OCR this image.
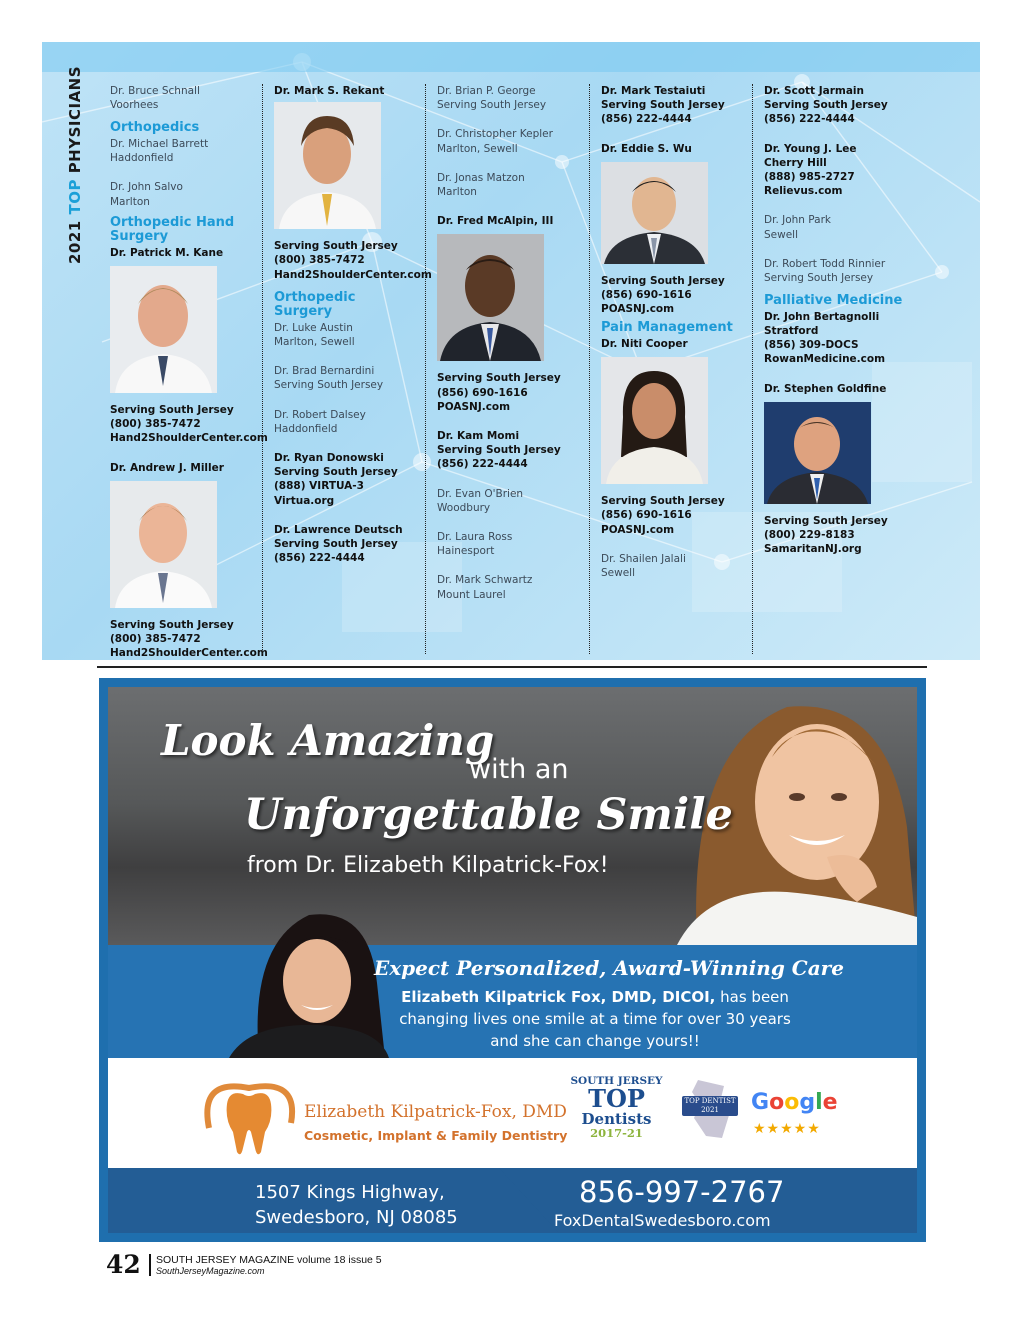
2021 TOP PHYSICIANS Dr. Bruce Schnall
Voorhees
Orthopedics
Dr. Michael Barrett
Haddonfield
Dr. John Salvo
Marlton
Orthopedic Hand Surgery
Dr. Patrick M. Kane
Serving South Jersey
(800) 385-7472
Hand2ShoulderCenter.com
Dr. Andrew J. Miller
Serving South Jersey
(800) 385-7472
Hand2ShoulderCenter.com
Dr. Mark S. Rekant
Serving South Jersey
(800) 385-7472
Hand2ShoulderCenter.com
Orthopedic Surgery
Dr. Luke Austin
Marlton, Sewell
Dr. Brad Bernardini
Serving South Jersey
Dr. Robert Dalsey
Haddonfield
Dr. Ryan Donowski
Serving South Jersey
(888) VIRTUA-3
Virtua.org
Dr. Lawrence Deutsch
Serving South Jersey
(856) 222-4444
Dr. Brian P. George
Serving South Jersey
Dr. Christopher Kepler
Marlton, Sewell
Dr. Jonas Matzon
Marlton
Dr. Fred McAlpin, III
Serving South Jersey
(856) 690-1616
POASNJ.com
Dr. Kam Momi
Serving South Jersey
(856) 222-4444
Dr. Evan O'Brien
Woodbury
Dr. Laura Ross
Hainesport
Dr. Mark Schwartz
Mount Laurel
Dr. Mark Testaiuti
Serving South Jersey
(856) 222-4444
Dr. Eddie S. Wu
Serving South Jersey
(856) 690-1616
POASNJ.com
Pain Management
Dr. Niti Cooper
Serving South Jersey
(856) 690-1616
POASNJ.com
Dr. Shailen Jalali
Sewell
Dr. Scott Jarmain
Serving South Jersey
(856) 222-4444
Dr. Young J. Lee
Cherry Hill
(888) 985-2727
Relievus.com
Dr. John Park
Sewell
Dr. Robert Todd Rinnier
Serving South Jersey
Palliative Medicine
Dr. John Bertagnolli
Stratford
(856) 309-DOCS
RowanMedicine.com
Dr. Stephen Goldfine
Serving South Jersey
(800) 229-8183
SamaritanNJ.org
Look Amazing
with an
Unforgettable Smile
from Dr. Elizabeth Kilpatrick-Fox!
Expect Personalized, Award-Winning Care
Elizabeth Kilpatrick Fox, DMD, DICOI, has been
changing lives one smile at a time for over 30 years
and she can change yours!!
Elizabeth Kilpatrick-Fox, DMD
Cosmetic, Implant & Family Dentistry
SOUTH JERSEY
TOP
Dentists
2017-21
TOP DENTIST 2021	Google
★★★★★
1507 Kings Highway,
Swedesboro, NJ 08085
856-997-2767
FoxDentalSwedesboro.com
42 SOUTH JERSEY MAGAZINE volume 18 issue 5
SouthJerseyMagazine.com
